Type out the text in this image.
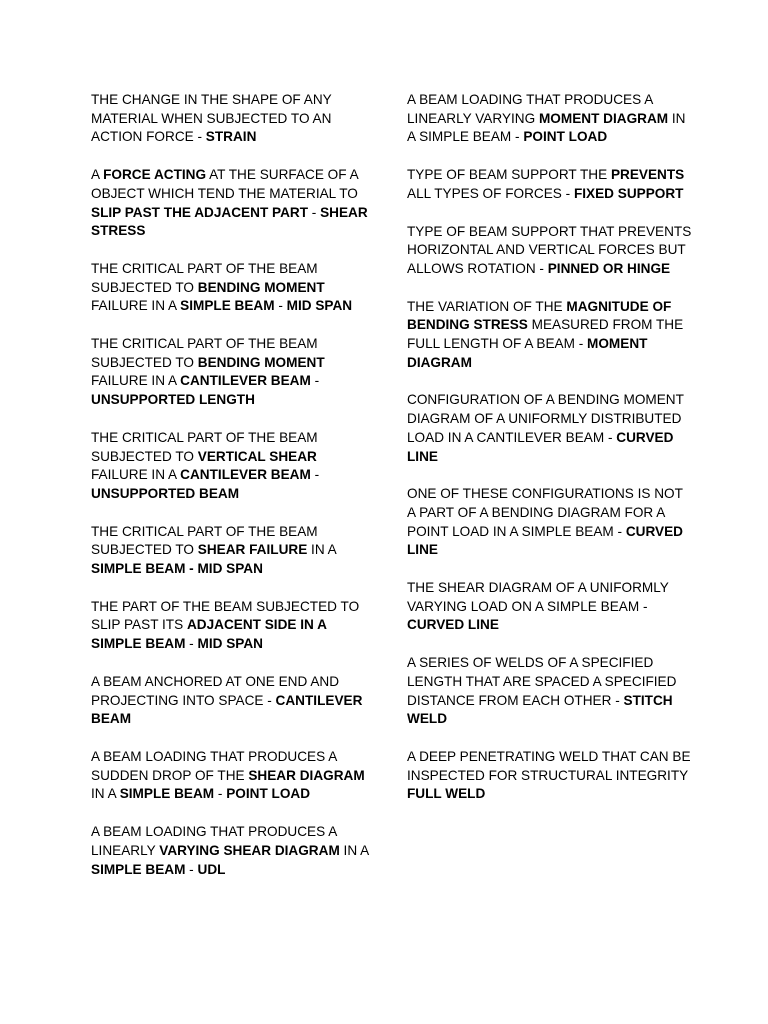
THE CHANGE IN THE SHAPE OF ANY MATERIAL WHEN SUBJECTED TO AN ACTION FORCE - STRAIN

A FORCE ACTING AT THE SURFACE OF A OBJECT WHICH TEND THE MATERIAL TO SLIP PAST THE ADJACENT PART - SHEAR STRESS

THE CRITICAL PART OF THE BEAM SUBJECTED TO BENDING MOMENT FAILURE IN A SIMPLE BEAM - MID SPAN

THE CRITICAL PART OF THE BEAM SUBJECTED TO BENDING MOMENT FAILURE IN A CANTILEVER BEAM - UNSUPPORTED LENGTH

THE CRITICAL PART OF THE BEAM SUBJECTED TO VERTICAL SHEAR FAILURE IN A CANTILEVER BEAM - UNSUPPORTED BEAM

THE CRITICAL PART OF THE BEAM SUBJECTED TO SHEAR FAILURE IN A SIMPLE BEAM - MID SPAN

THE PART OF THE BEAM SUBJECTED TO SLIP PAST ITS ADJACENT SIDE IN A SIMPLE BEAM - MID SPAN

A BEAM ANCHORED AT ONE END AND PROJECTING INTO SPACE - CANTILEVER BEAM

A BEAM LOADING THAT PRODUCES A SUDDEN DROP OF THE SHEAR DIAGRAM IN A SIMPLE BEAM - POINT LOAD

A BEAM LOADING THAT PRODUCES A LINEARLY VARYING SHEAR DIAGRAM IN A SIMPLE BEAM - UDL

A BEAM LOADING THAT PRODUCES A LINEARLY VARYING MOMENT DIAGRAM IN A SIMPLE BEAM - POINT LOAD

TYPE OF BEAM SUPPORT THE PREVENTS ALL TYPES OF FORCES - FIXED SUPPORT

TYPE OF BEAM SUPPORT THAT PREVENTS HORIZONTAL AND VERTICAL FORCES BUT ALLOWS ROTATION - PINNED OR HINGE

THE VARIATION OF THE MAGNITUDE OF BENDING STRESS MEASURED FROM THE FULL LENGTH OF A BEAM - MOMENT DIAGRAM

CONFIGURATION OF A BENDING MOMENT DIAGRAM OF A UNIFORMLY DISTRIBUTED LOAD IN A CANTILEVER BEAM - CURVED LINE

ONE OF THESE CONFIGURATIONS IS NOT A PART OF A BENDING DIAGRAM FOR A POINT LOAD IN A SIMPLE BEAM - CURVED LINE

THE SHEAR DIAGRAM OF A UNIFORMLY VARYING LOAD ON A SIMPLE BEAM - CURVED LINE

A SERIES OF WELDS OF A SPECIFIED LENGTH THAT ARE SPACED A SPECIFIED DISTANCE FROM EACH OTHER - STITCH WELD

A DEEP PENETRATING WELD THAT CAN BE INSPECTED FOR STRUCTURAL INTEGRITY FULL WELD
